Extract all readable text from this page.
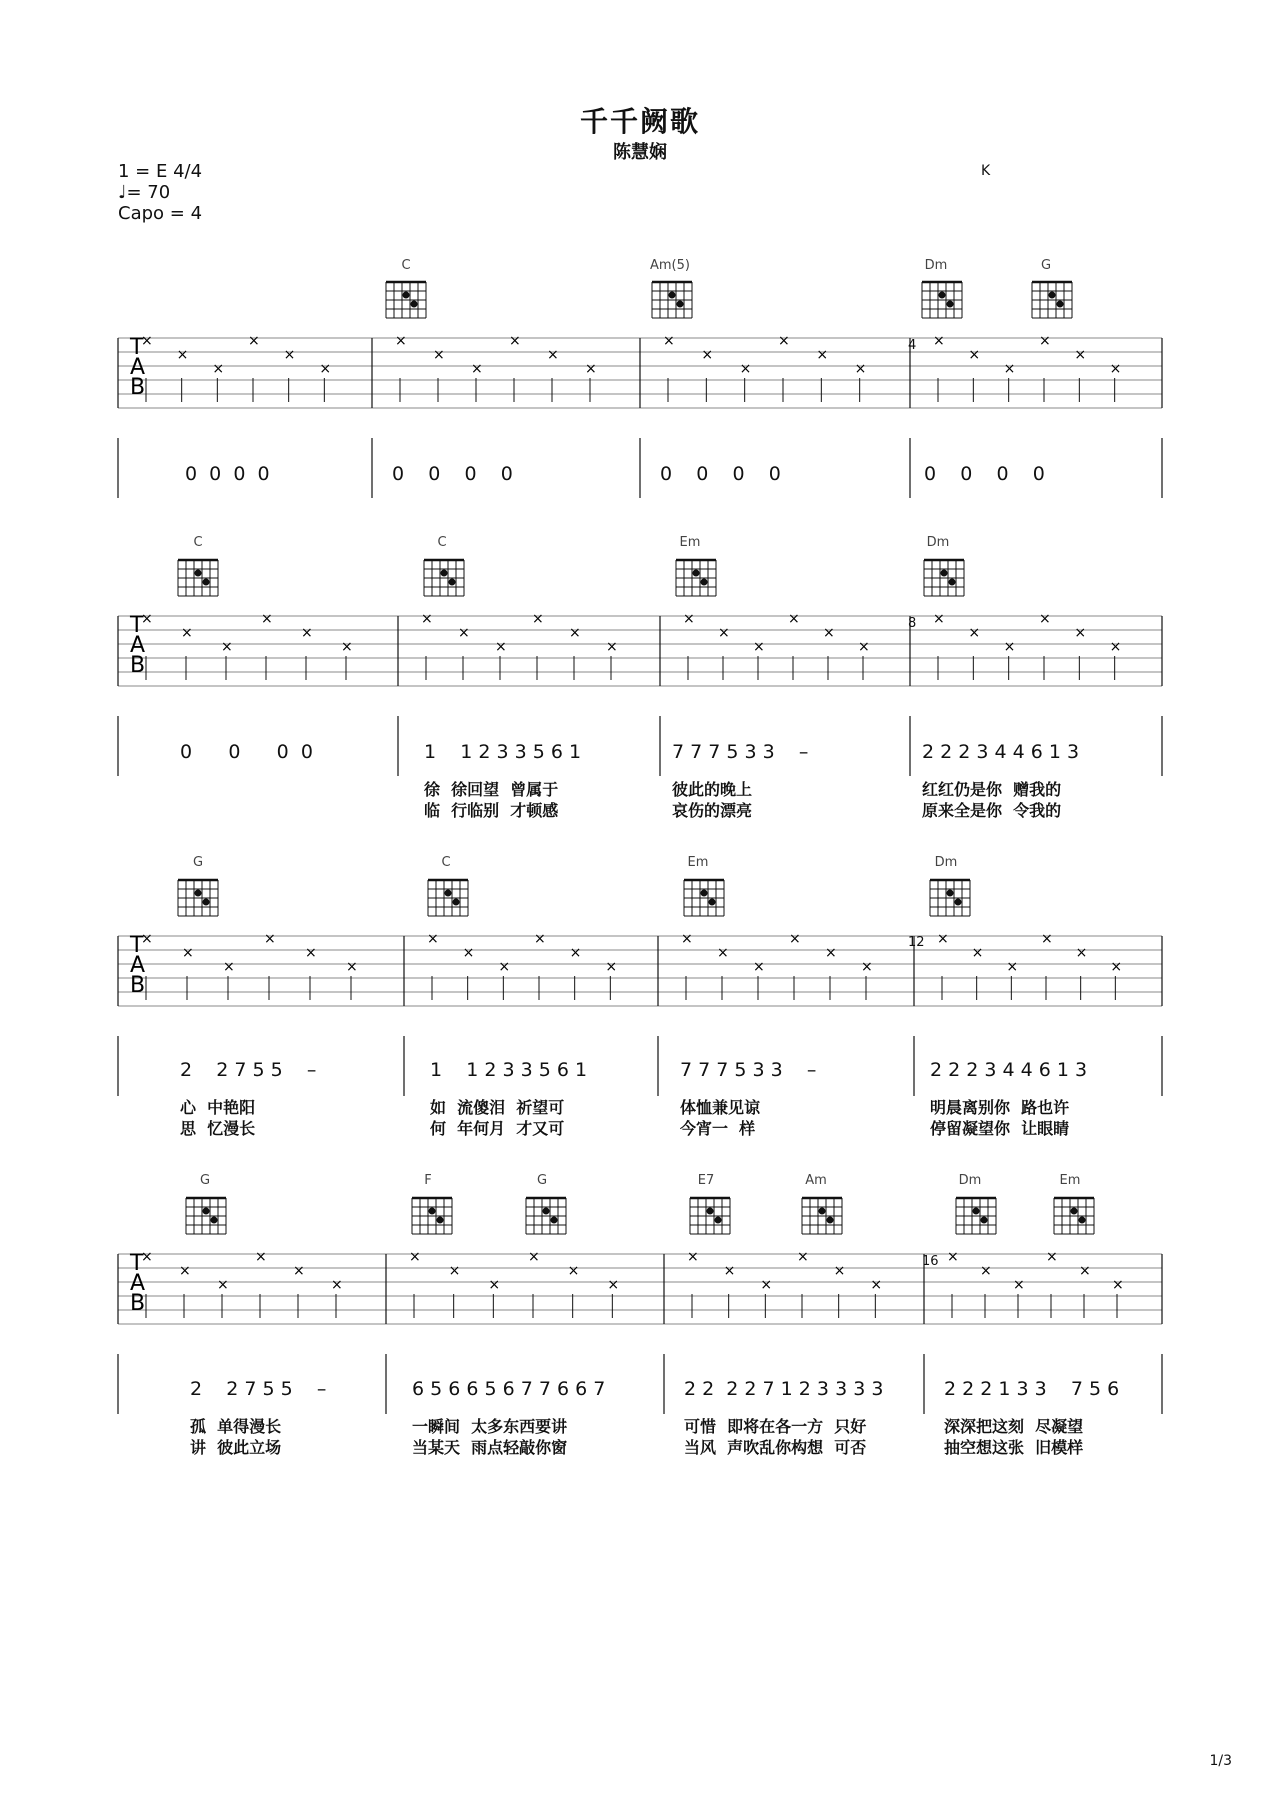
千千阙歌
陈慧娴
1 = E 4/4
♩= 70
Capo = 4
K
T
A
B
×
×
×
×
×
×
×
×
×
×
×
×
×
×
×
×
×
×
×
×
×
×
×
×
T
A
B
×
×
×
×
×
×
×
×
×
×
×
×
×
×
×
×
×
×
×
×
×
×
×
×
T
A
B
×
×
×
×
×
×
×
×
×
×
×
×
×
×
×
×
×
×
×
×
×
×
×
×
T
A
B
×
×
×
×
×
×
×
×
×
×
×
×
×
×
×
×
×
×
×
×
×
×
×
×
C	Am(5)	Dm	G
4
0  0  0  0	0    0    0    0	0    0    0    0	0    0    0    0
C	C	Em	Dm
8
0      0      0  0	1    1 2 3 3 5 6 1	7 7 7 5 3 3    –	2 2 2 3 4 4 6 1 3
徐  徐回望  曾属于	彼此的晚上	红红仍是你  赠我的
临  行临别  才顿感	哀伤的漂亮	原来全是你  令我的
G	C	Em	Dm
12
2    2 7 5 5    –	1    1 2 3 3 5 6 1	7 7 7 5 3 3    –	2 2 2 3 4 4 6 1 3
心  中艳阳	如  流傻泪  祈望可	体恤兼见谅	明晨离别你  路也许
思  忆漫长	何  年何月  才又可	今宵一  样	停留凝望你  让眼睛
G	F	G	E7	Am	Dm	Em
16
2    2 7 5 5    –	6 5 6 6 5 6 7 7 6 6 7	2 2  2 2 7 1 2 3 3 3 3	2 2 2 1 3 3    7 5 6
孤  单得漫长	一瞬间  太多东西要讲	可惜  即将在各一方  只好	深深把这刻  尽凝望
讲  彼此立场	当某天  雨点轻敲你窗	当风  声吹乱你构想  可否	抽空想这张  旧模样
1/3
